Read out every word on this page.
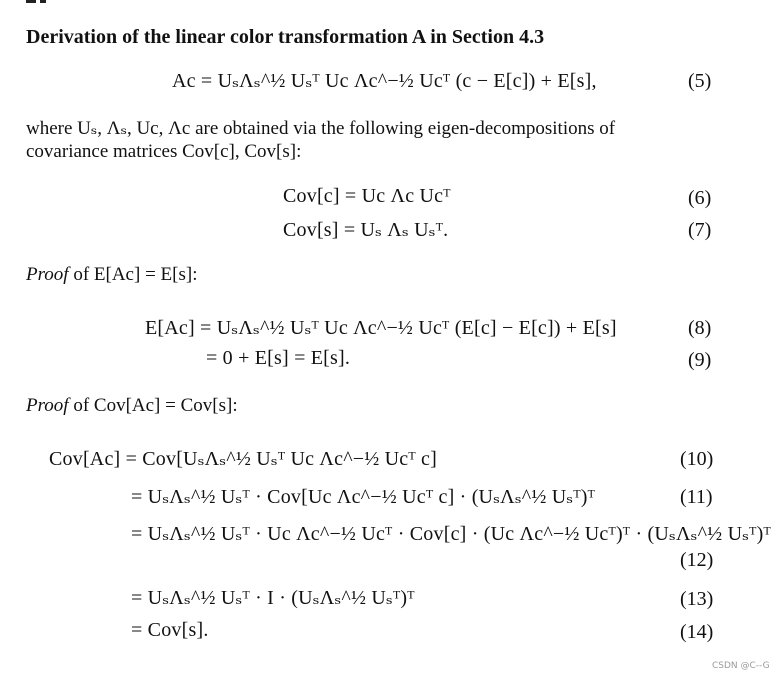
Derivation of the linear color transformation A in Section 4.3
Ac = UₛΛₛ^½ Uₛᵀ Uc Λc^−½ Ucᵀ (c − E[c]) + E[s],	(5)
where Uₛ, Λₛ, Uc, Λc are obtained via the following eigen-decompositions of
covariance matrices Cov[c], Cov[s]:
Cov[c] = Uc Λc Ucᵀ	(6)
Cov[s] = Uₛ Λₛ Uₛᵀ.	(7)
Proof of E[Ac] = E[s]:
E[Ac] = UₛΛₛ^½ Uₛᵀ Uc Λc^−½ Ucᵀ (E[c] − E[c]) + E[s]	(8)
= 0 + E[s] = E[s].	(9)
Proof of Cov[Ac] = Cov[s]:
Cov[Ac] = Cov[UₛΛₛ^½ Uₛᵀ Uc Λc^−½ Ucᵀ c]	(10)
= UₛΛₛ^½ Uₛᵀ · Cov[Uc Λc^−½ Ucᵀ c] · (UₛΛₛ^½ Uₛᵀ)ᵀ	(11)
= UₛΛₛ^½ Uₛᵀ · Uc Λc^−½ Ucᵀ · Cov[c] · (Uc Λc^−½ Ucᵀ)ᵀ · (UₛΛₛ^½ Uₛᵀ)ᵀ
(12)
= UₛΛₛ^½ Uₛᵀ · I · (UₛΛₛ^½ Uₛᵀ)ᵀ	(13)
= Cov[s].	(14)
CSDN @C--G
